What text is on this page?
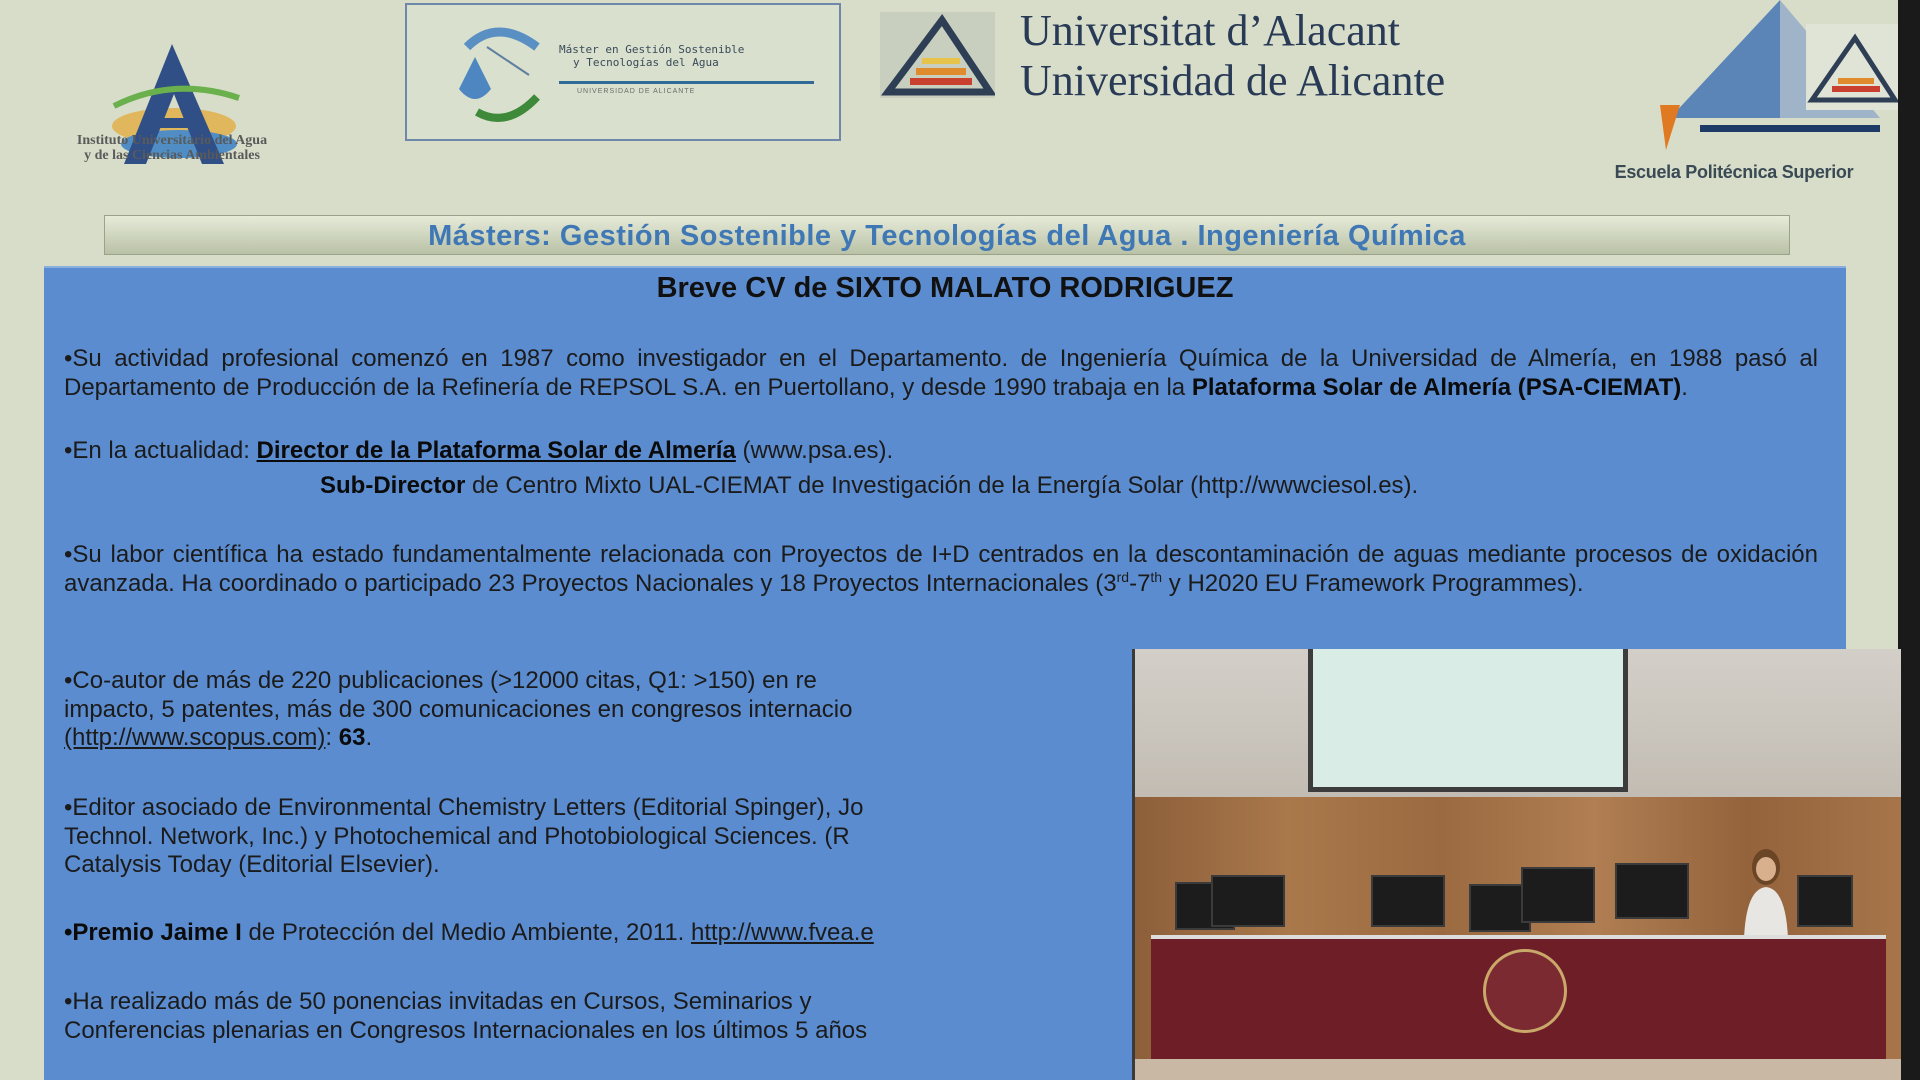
Instituto Universitario del Agua
y de las Ciencias Ambientales
Máster en Gestión Sostenible
y Tecnologías del Agua
UNIVERSIDAD DE ALICANTE
Universitat d’Alacant
Universidad de Alicante
Escuela Politécnica Superior
Másters: Gestión Sostenible y Tecnologías del Agua . Ingeniería Química
Breve CV de SIXTO MALATO RODRIGUEZ
•Su actividad profesional comenzó en 1987 como investigador en el Departamento. de Ingeniería Química de la Universidad de Almería, en 1988 pasó al Departamento de Producción de la Refinería de REPSOL S.A. en Puertollano, y desde 1990 trabaja en la Plataforma Solar de Almería (PSA-CIEMAT).
•En la actualidad: Director de la Plataforma Solar de Almería (www.psa.es).
Sub-Director de Centro Mixto UAL-CIEMAT de Investigación de la Energía Solar (http://wwwciesol.es).
•Su labor científica ha estado fundamentalmente relacionada con Proyectos de I+D centrados en la descontaminación de aguas mediante procesos de oxidación avanzada. Ha coordinado o participado 23 Proyectos Nacionales y 18 Proyectos Internacionales (3rd-7th y H2020 EU Framework Programmes).
•Co-autor de más de 220 publicaciones (>12000 citas, Q1: >150) en re
impacto, 5 patentes, más de 300 comunicaciones en congresos internacio
(http://www.scopus.com): 63.
•Editor asociado de Environmental Chemistry Letters (Editorial Spinger), Jo
Technol. Network, Inc.) y Photochemical and Photobiological Sciences. (R
Catalysis Today (Editorial Elsevier).
•Premio Jaime I de Protección del Medio Ambiente, 2011. http://www.fvea.e
•Ha realizado más de 50 ponencias invitadas en Cursos, Seminarios y
Conferencias plenarias en Congresos Internacionales en los últimos 5 años
